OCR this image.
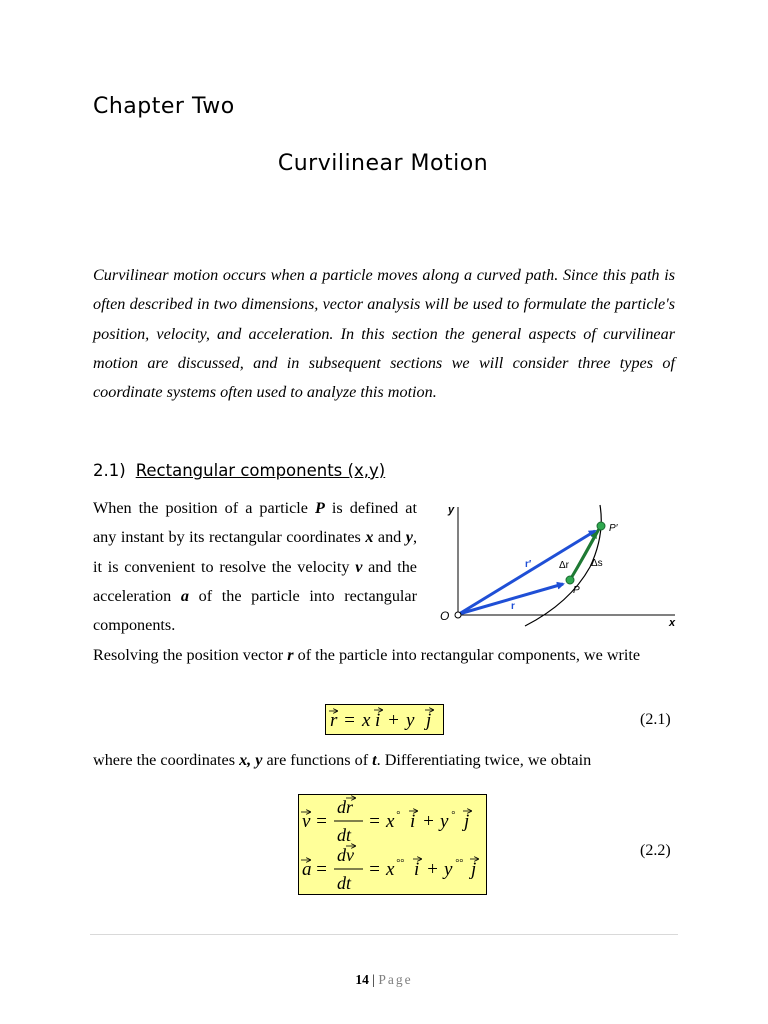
Chapter Two
Curvilinear Motion
Curvilinear motion occurs when a particle moves along a curved path. Since this path is often described in two dimensions, vector analysis will be used to formulate the particle's position, velocity, and acceleration. In this section the general aspects of curvilinear motion are discussed, and in subsequent sections we will consider three types of coordinate systems often used to analyze this motion.
2.1) Rectangular components (x,y)
When the position of a particle P is defined at any instant by its rectangular coordinates x and y, it is convenient to resolve the velocity v and the acceleration a of the particle into rectangular components.
y
x
O
P
P′
r
r′	Δr Δs
Resolving the position vector r of the particle into rectangular components, we write
r = x i + y j	(2.1)
where the coordinates x, y are functions of t. Differentiating twice, we obtain
v =
dr
dt
= x ° i + y ° j
a =
dv
dt
= x °° i + y °° j
(2.2)
14 | Page
